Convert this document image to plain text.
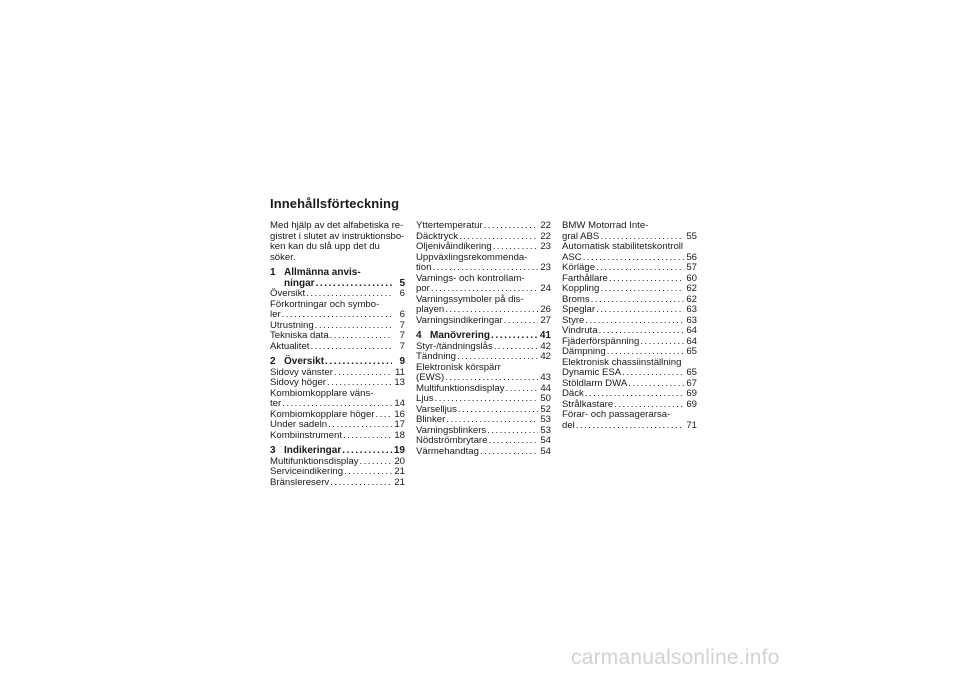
Innehållsförteckning

Med hjälp av det alfabetiska re-
gistret i slutet av instruktionsbo-
ken kan du slå upp det du söker.

1 Allmänna anvis-
ningar . . .	5
Översikt . . .	6
Förkortningar och symbo-
ler . . .	6
Utrustning . . .	7
Tekniska data . . .	7
Aktualitet . . .	7
2 Översikt . . .	9
Sidovy vänster . . .	11
Sidovy höger . . .	13
Kombiomkopplare väns-
ter . . .	14
Kombiomkopplare höger . . . 16
Under sadeln . . .	17
Kombiinstrument . . .	18
3 Indikeringar . . .	19
Multifunktionsdisplay . . .	20
Serviceindikering . . .	21
Bränslereserv . . .	21
Yttertemperatur . . .	22
Däcktryck . . .	22
Oljenivåindikering . . .	23
Uppväxlingsrekommenda-
tion . . .	23
Varnings- och kontrollam-
por . . .	24
Varningssymboler på dis-
playen . . .	26
Varningsindikeringar . . .	27
4 Manövrering . . .	41
Styr-/tändningslås . . .	42
Tändning . . .	42
Elektronisk körspärr
(EWS) . . .	43
Multifunktionsdisplay . . .	44
Ljus . . .	50
Varselljus . . .	52
Blinker . . .	53
Varningsblinkers . . .	53
Nödströmbrytare . . .	54
Värmehandtag . . .	54
BMW Motorrad Inte-
gral ABS . . .	55
Automatisk stabilitetskontroll
ASC . . .	56
Körläge . . .	57
Farthållare . . .	60
Koppling . . .	62
Broms . . .	62
Speglar . . .	63
Styre . . .	63
Vindruta . . .	64
Fjäderförspänning . . .	64
Dämpning . . .	65
Elektronisk chassiinställning
Dynamic ESA . . .	65
Stöldlarm DWA . . .	67
Däck . . .	69
Strålkastare . . .	69
Förar- och passagerarsa-
del . . .	71
carmanualsonline.info
